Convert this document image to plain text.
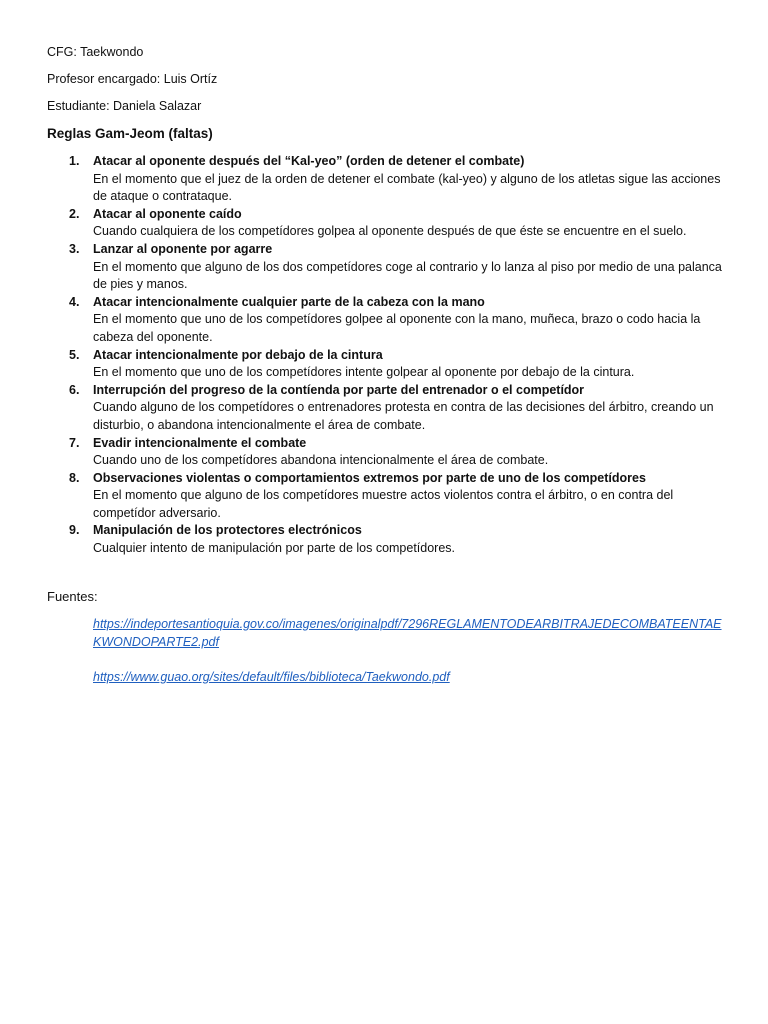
CFG: Taekwondo
Profesor encargado: Luis Ortíz
Estudiante: Daniela Salazar
Reglas Gam-Jeom (faltas)
1. Atacar al oponente después del “Kal-yeo” (orden de detener el combate)
En el momento que el juez de la orden de detener el combate (kal-yeo) y alguno de los atletas sigue las acciones de ataque o contrataque.
2. Atacar al oponente caído
Cuando cualquiera de los competídores golpea al oponente después de que éste se encuentre en el suelo.
3. Lanzar al oponente por agarre
En el momento que alguno de los dos competídores coge al contrario y lo lanza al piso por medio de una palanca de pies y manos.
4. Atacar intencionalmente cualquier parte de la cabeza con la mano
En el momento que uno de los competídores golpee al oponente con la mano, muñeca, brazo o codo hacia la cabeza del oponente.
5. Atacar intencionalmente por debajo de la cintura
En el momento que uno de los competídores intente golpear al oponente por debajo de la cintura.
6. Interrupción del progreso de la contíenda por parte del entrenador o el competídor
Cuando alguno de los competídores o entrenadores protesta en contra de las decisiones del árbitro, creando un disturbio, o abandona intencionalmente el área de combate.
7. Evadir intencionalmente el combate
Cuando uno de los competídores abandona intencionalmente el área de combate.
8. Observaciones violentas o comportamientos extremos por parte de uno de los competídores
En el momento que alguno de los competídores muestre actos violentos contra el árbitro, o en contra del competídor adversario.
9. Manipulación de los protectores electrónicos
Cualquier intento de manipulación por parte de los competídores.
Fuentes:
https://indeportesantioquia.gov.co/imagenes/originalpdf/7296REGLAMENTODEARBITRAJEDECOMBATEENTAEKWONDOPARTE2.pdf
https://www.guao.org/sites/default/files/biblioteca/Taekwondo.pdf
